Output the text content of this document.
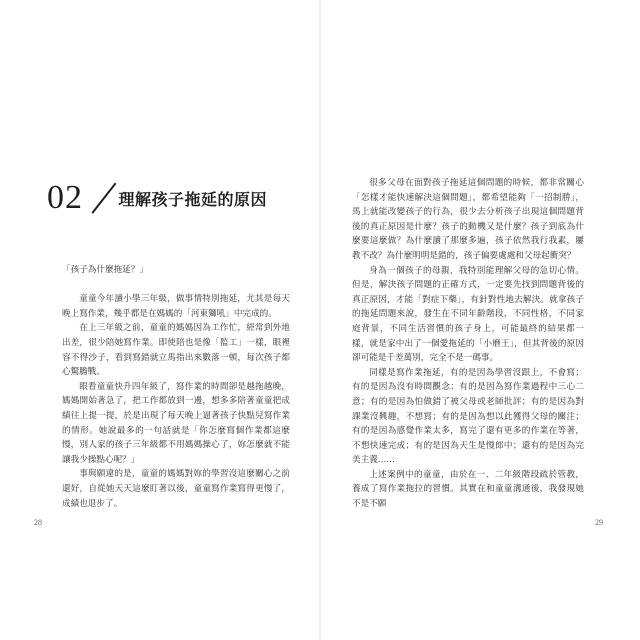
02 理解孩子拖延的原因

「孩子為什麼拖延？」

童童今年讀小學三年級，做事情特別拖延，尤其是每天晚上寫作業，幾乎都是在媽媽的「河東獅吼」中完成的。

在上三年級之前，童童的媽媽因為工作忙，經常到外地出差，很少陪她寫作業。即使陪也是像「監工」一樣，眼裡容不得沙子，看到寫錯就立馬指出來數落一頓，每次孩子都心驚膽戰。

眼看童童快升四年級了，寫作業的時間卻是越拖越晚，媽媽開始著急了，把工作都放到一邊，想多多陪著童童把成績往上提一提，於是出現了每天晚上逼著孩子快點兒寫作業的情形。她說最多的一句話就是「你怎麼寫個作業都這麼慢，別人家的孩子三年級都不用媽媽操心了，妳怎麼就不能讓我少操點心呢？」

事與願違的是，童童的媽媽對妳的學習沒這麼關心之前還好，自從她天天這麼盯著以後，童童寫作業寫得更慢了，成績也退步了。

28

很多父母在面對孩子拖延這個問題的時候，都非常關心「怎樣才能快速解決這個問題」，都希望能夠「一招制勝」，馬上就能改變孩子的行為，很少去分析孩子出現這個問題背後的真正原因是什麼？孩子的動機又是什麼？孩子到底為什麼要這麼做？為什麼讀了那麼多遍，孩子依然我行我素，屢教不改？為什麼明明是錯的，孩子偏要處處和父母起衝突？

身為一個孩子的母親，我特別能理解父母的急切心情。但是，解決孩子問題的正確方式，一定要先找到問題背後的真正原因，才能「對症下藥」，有針對性地去解決。就拿孩子的拖延問題來說，發生在不同年齡階段，不同性格，不同家庭背景，不同生活習慣的孩子身上，可能最終的結果都一樣，就是家中出了一個愛拖延的「小磨王」，但其背後的原因卻可能是千差萬別，完全不是一碼事。

同樣是寫作業拖延，有的是因為學習沒跟上，不會寫；有的是因為沒有時間觀念；有的是因為寫作業過程中三心二意；有的是因為怕做錯了被父母或老師批評；有的是因為對課業沒興趣，不想寫；有的是因為想以此獲得父母的關注；有的是因為感覺作業太多，寫完了還有更多的作業在等著，不想快速完成；有的是因為天生是慢郎中；還有的是因為完美主義……

上述案例中的童童，由於在一、二年級階段疏於管教，養成了寫作業拖拉的習慣。其實在和童童溝通後，我發現她不是不願

29
